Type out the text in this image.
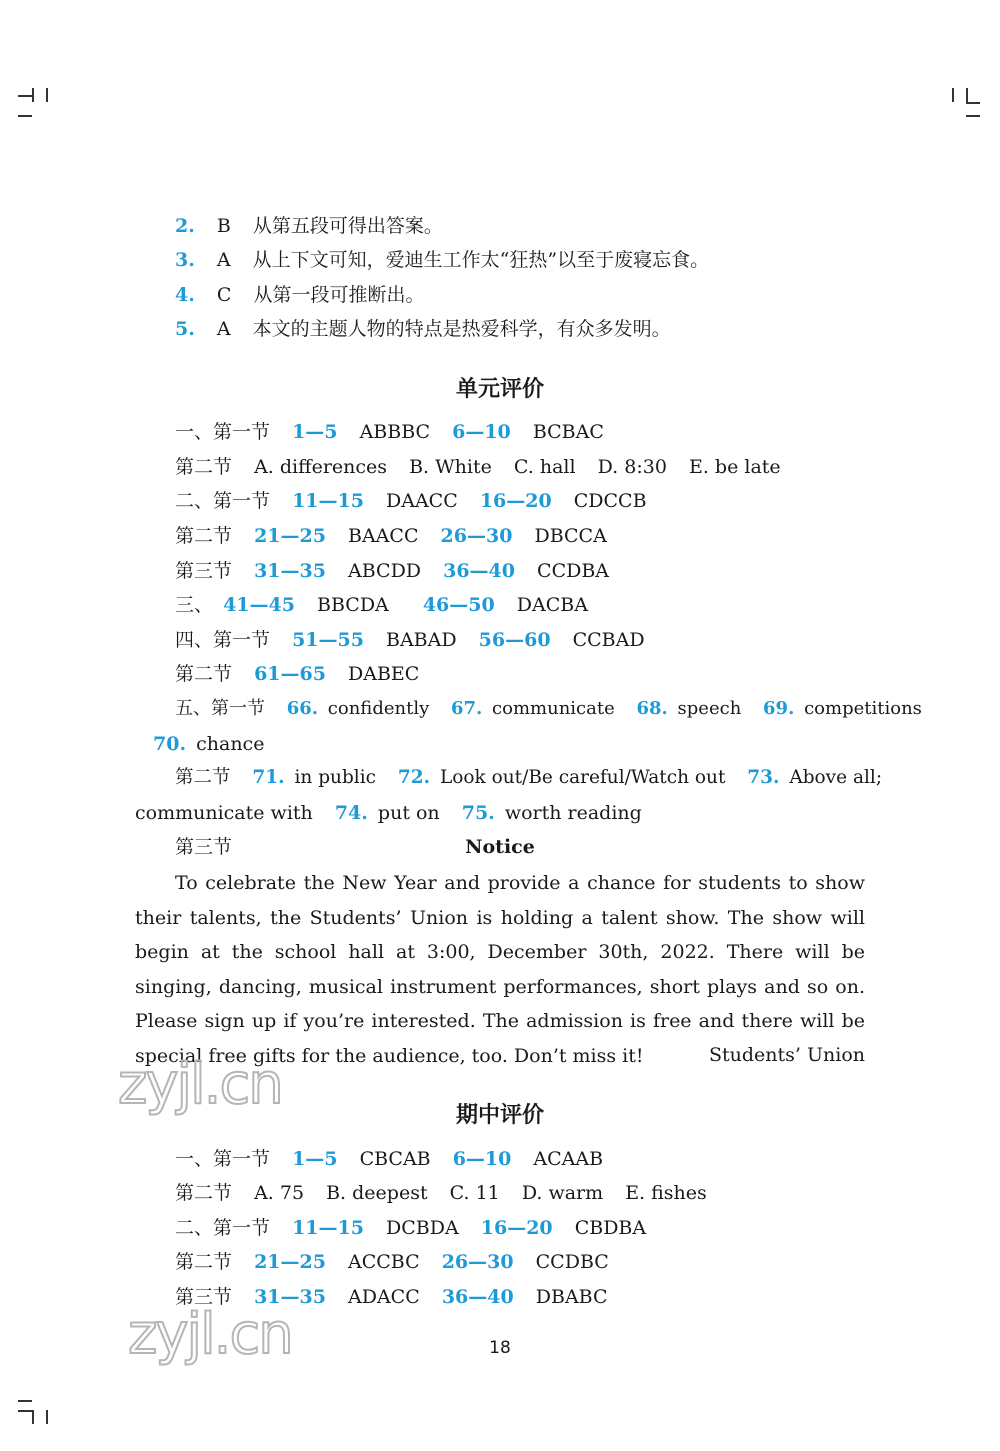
2. B 从第五段可得出答案。
3. A 从上下文可知，爱迪生工作太“狂热”以至于废寝忘食。
4. C 从第一段可推断出。
5. A 本文的主题人物的特点是热爱科学，有众多发明。
单元评价
一、第一节 1—5 ABBBC 6—10 BCBAC
第二节 A. differences B. White C. hall D. 8:30 E. be late
二、第一节 11—15 DAACC 16—20 CDCCB
第二节 21—25 BAACC 26—30 DBCCA
第三节 31—35 ABCDD 36—40 CCDBA
三、 41—45 BBCDA 46—50 DACBA
四、第一节 51—55 BABAD 56—60 CCBAD
第二节 61—65 DABEC
五、第一节 66. confidently 67. communicate 68. speech 69. competitions
70. chance
第二节 71. in public 72. Look out/Be careful/Watch out 73. Above all;
communicate with 74. put on 75. worth reading
第三节	Notice
To celebrate the New Year and provide a chance for students to show their talents, the Students’ Union is holding a talent show. The show will begin at the school hall at 3:00, December 30th, 2022. There will be singing, dancing, musical instrument performances, short plays and so on. Please sign up if you’re interested. The admission is free and there will be special free gifts for the audience, too. Don’t miss it!	Students’ Union
zyjl.cn	期中评价
一、第一节 1—5 CBCAB 6—10 ACAAB
第二节 A. 75 B. deepest C. 11 D. warm E. fishes
二、第一节 11—15 DCBDA 16—20 CBDBA
第二节 21—25 ACCBC 26—30 CCDBC
第三节 31—35 ADACC 36—40 DBABC
zyjl.cn	18
